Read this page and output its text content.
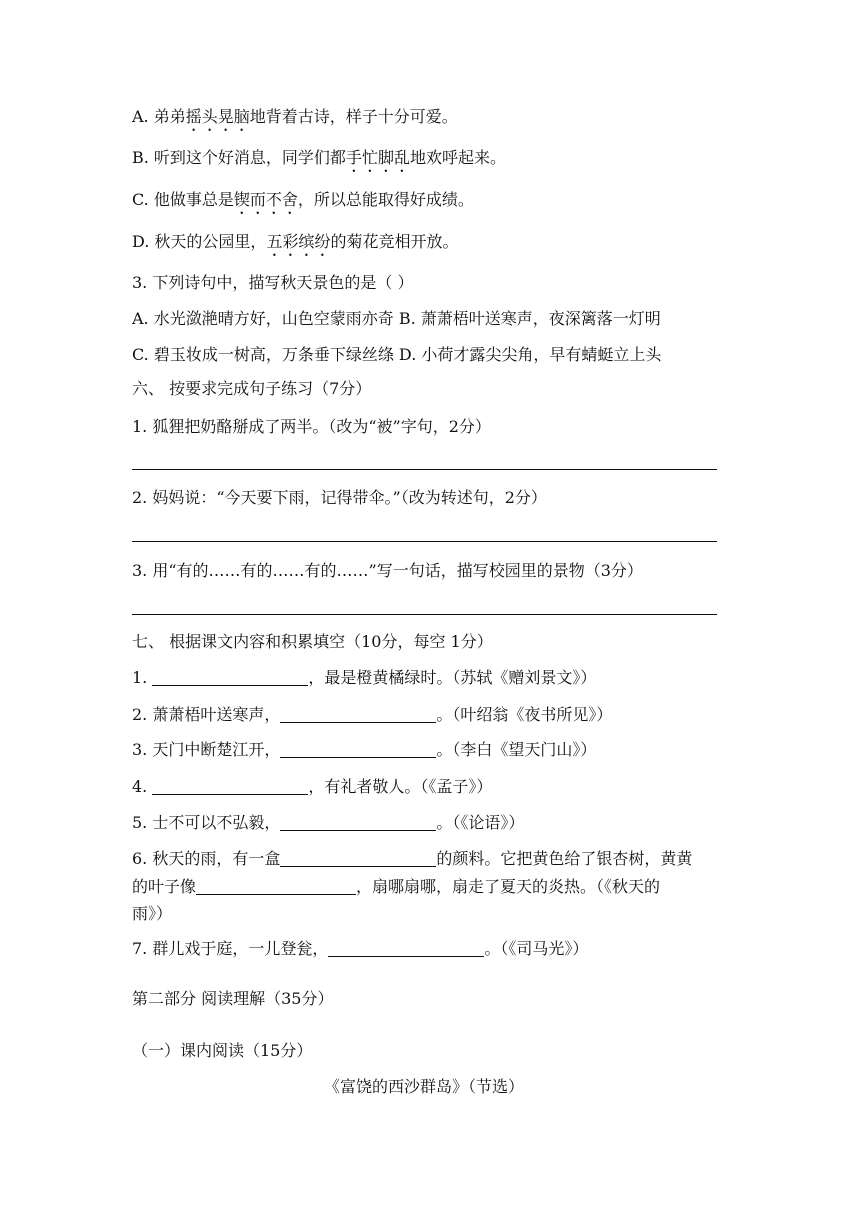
A. 弟弟摇头晃脑地背着古诗，样子十分可爱。
B. 听到这个好消息，同学们都手忙脚乱地欢呼起来。
C. 他做事总是锲而不舍，所以总能取得好成绩。
D. 秋天的公园里，五彩缤纷的菊花竞相开放。
3. 下列诗句中，描写秋天景色的是（ ）
A. 水光潋滟晴方好，山色空蒙雨亦奇 B. 萧萧梧叶送寒声，夜深篱落一灯明
C. 碧玉妆成一树高，万条垂下绿丝绦 D. 小荷才露尖尖角，早有蜻蜓立上头
六、 按要求完成句子练习（7分）
1. 狐狸把奶酪掰成了两半。（改为“被”字句，2分）
2. 妈妈说：“今天要下雨，记得带伞。”（改为转述句，2分）
3. 用“有的……有的……有的……”写一句话，描写校园里的景物（3分）
七、 根据课文内容和积累填空（10分，每空 1分）
1.	，最是橙黄橘绿时。（苏轼《赠刘景文》）
2. 萧萧梧叶送寒声，	。（叶绍翁《夜书所见》）
3. 天门中断楚江开，	。（李白《望天门山》）
4.	，有礼者敬人。（《孟子》）
5. 士不可以不弘毅，	。（《论语》）
6. 秋天的雨，有一盒	的颜料。它把黄色给了银杏树，黄黄
的叶子像	，扇哪扇哪，扇走了夏天的炎热。（《秋天的
雨》）
7. 群儿戏于庭，一儿登瓮，	。（《司马光》）
第二部分 阅读理解（35分）
（一）课内阅读（15分）
《富饶的西沙群岛》（节选）
